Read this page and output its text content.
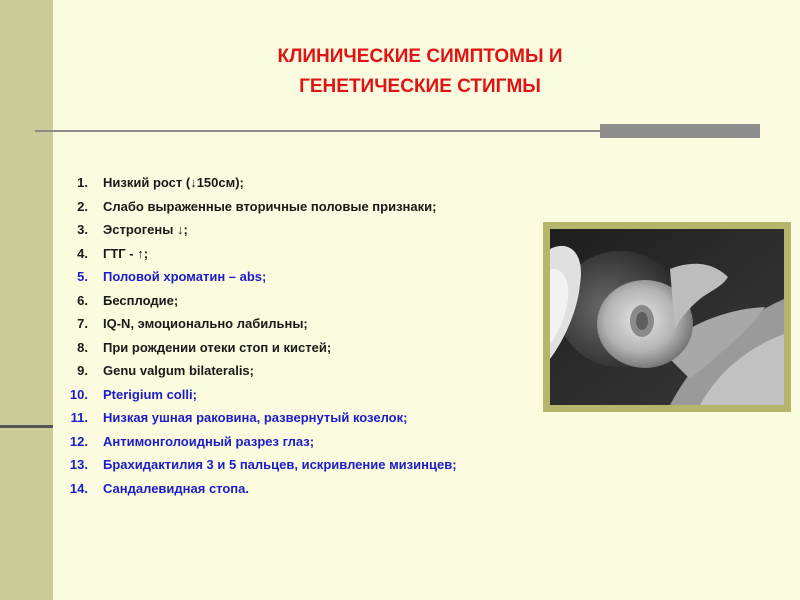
КЛИНИЧЕСКИЕ СИМПТОМЫ И
ГЕНЕТИЧЕСКИЕ СТИГМЫ
1. Низкий рост (↓150см);
2. Слабо выраженные вторичные половые признаки;
3. Эстрогены ↓;
4. ГТГ - ↑;
5. Половой хроматин – abs;
6. Бесплодие;
7. IQ-N, эмоционально лабильны;
8. При рождении отеки стоп и кистей;
9. Genu valgum bilateralis;
10. Pterigium colli;
11. Низкая ушная раковина, развернутый козелок;
12. Антимонголоидный разрез глаз;
13. Брахидактилия 3 и 5 пальцев, искривление мизинцев;
14. Сандалевидная стопа.
